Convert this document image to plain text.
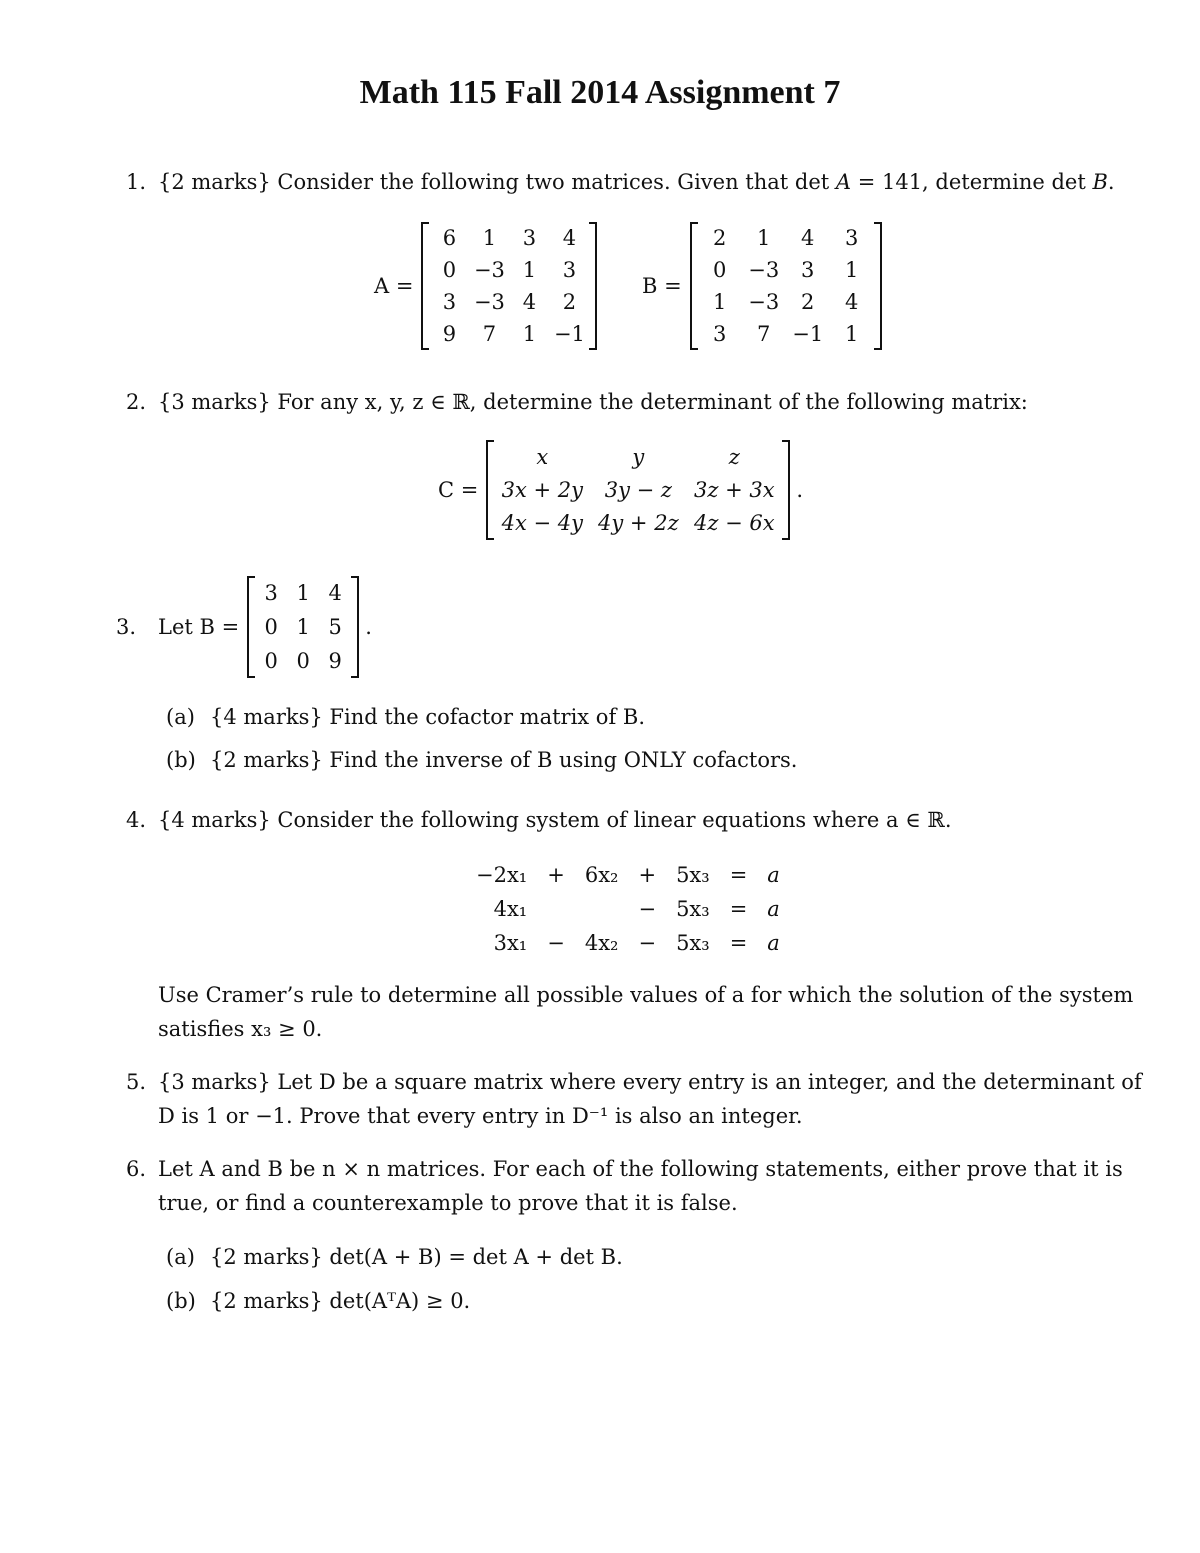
Math 115 Fall 2014 Assignment 7
1. {2 marks} Consider the following two matrices. Given that det A = 141, determine det B.
A =
6	1	3	4
0	−3	1	3
3	−3	4	2
9	7	1	−1
B =
2	1	4	3
0	−3	3	1
1	−3	2	4
3	7	−1	1
2. {3 marks} For any x, y, z ∈ ℝ, determine the determinant of the following matrix:
C =
x	y	z
3x + 2y	3y − z	3z + 3x
4x − 4y	4y + 2z	4z − 6x
.
3.	Let B =
3	1	4
0	1	5
0	0	9
.
(a) {4 marks} Find the cofactor matrix of B.
(b) {2 marks} Find the inverse of B using ONLY cofactors.
4. {4 marks} Consider the following system of linear equations where a ∈ ℝ.
−2x₁	+	6x₂	+	5x₃	=	a
4x₁			−	5x₃	=	a
3x₁	−	4x₂	−	5x₃	=	a
Use Cramer’s rule to determine all possible values of a for which the solution of the system
satisfies x₃ ≥ 0.
5. {3 marks} Let D be a square matrix where every entry is an integer, and the determinant of
D is 1 or −1. Prove that every entry in D⁻¹ is also an integer.
6. Let A and B be n × n matrices. For each of the following statements, either prove that it is
true, or find a counterexample to prove that it is false.
(a) {2 marks} det(A + B) = det A + det B.
(b) {2 marks} det(AᵀA) ≥ 0.
